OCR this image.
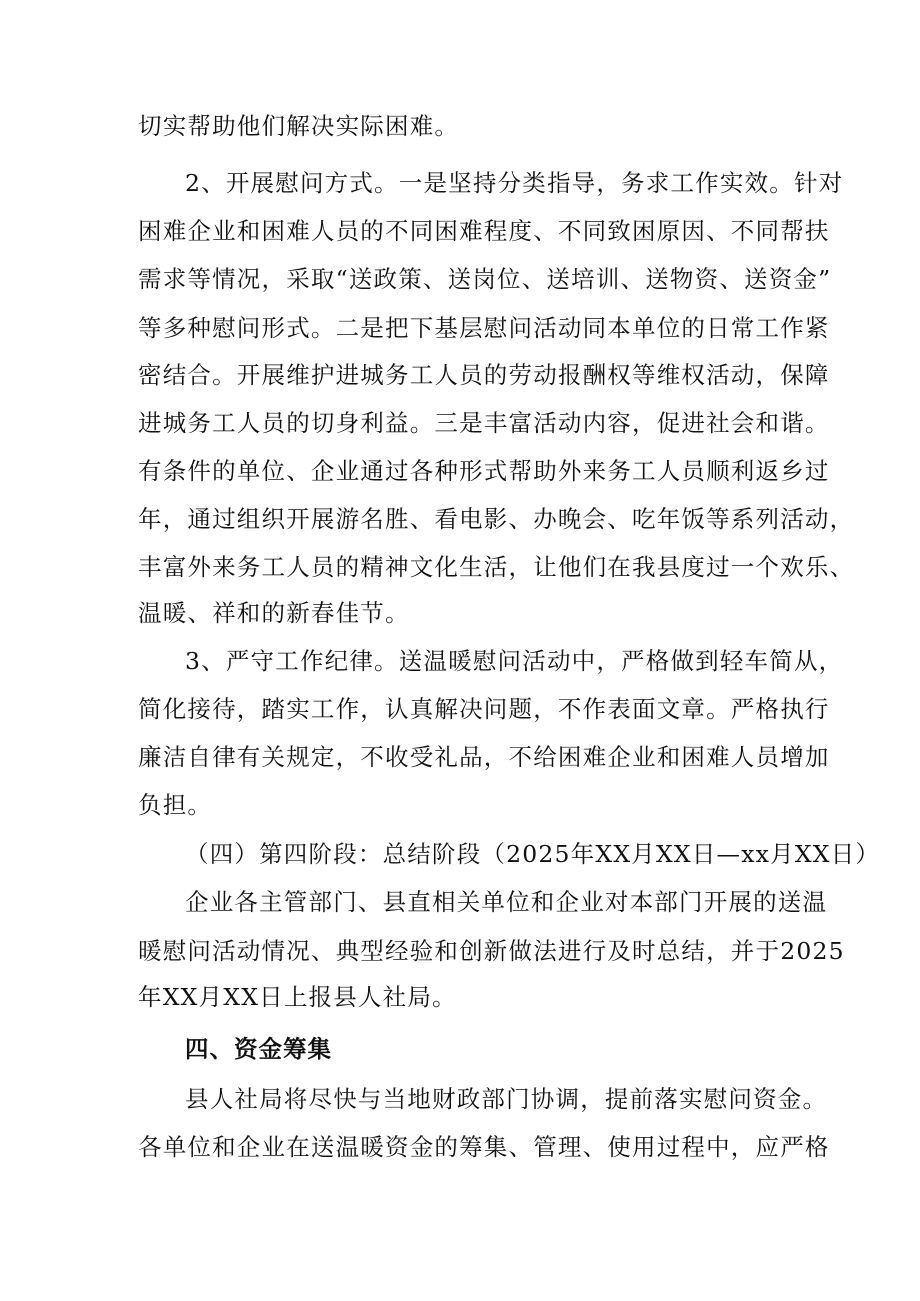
切实帮助他们解决实际困难。
2、开展慰问方式。一是坚持分类指导，务求工作实效。针对
困难企业和困难人员的不同困难程度、不同致困原因、不同帮扶
需求等情况，采取“送政策、送岗位、送培训、送物资、送资金”
等多种慰问形式。二是把下基层慰问活动同本单位的日常工作紧
密结合。开展维护进城务工人员的劳动报酬权等维权活动，保障
进城务工人员的切身利益。三是丰富活动内容，促进社会和谐。
有条件的单位、企业通过各种形式帮助外来务工人员顺利返乡过
年，通过组织开展游名胜、看电影、办晚会、吃年饭等系列活动，
丰富外来务工人员的精神文化生活，让他们在我县度过一个欢乐、
温暖、祥和的新春佳节。
3、严守工作纪律。送温暖慰问活动中，严格做到轻车简从，
简化接待，踏实工作，认真解决问题，不作表面文章。严格执行
廉洁自律有关规定，不收受礼品，不给困难企业和困难人员增加
负担。
（四）第四阶段：总结阶段（2025年XX月XX日—xx月XX日）
企业各主管部门、县直相关单位和企业对本部门开展的送温
暖慰问活动情况、典型经验和创新做法进行及时总结，并于2025
年XX月XX日上报县人社局。
四、资金筹集
县人社局将尽快与当地财政部门协调，提前落实慰问资金。
各单位和企业在送温暖资金的筹集、管理、使用过程中，应严格
